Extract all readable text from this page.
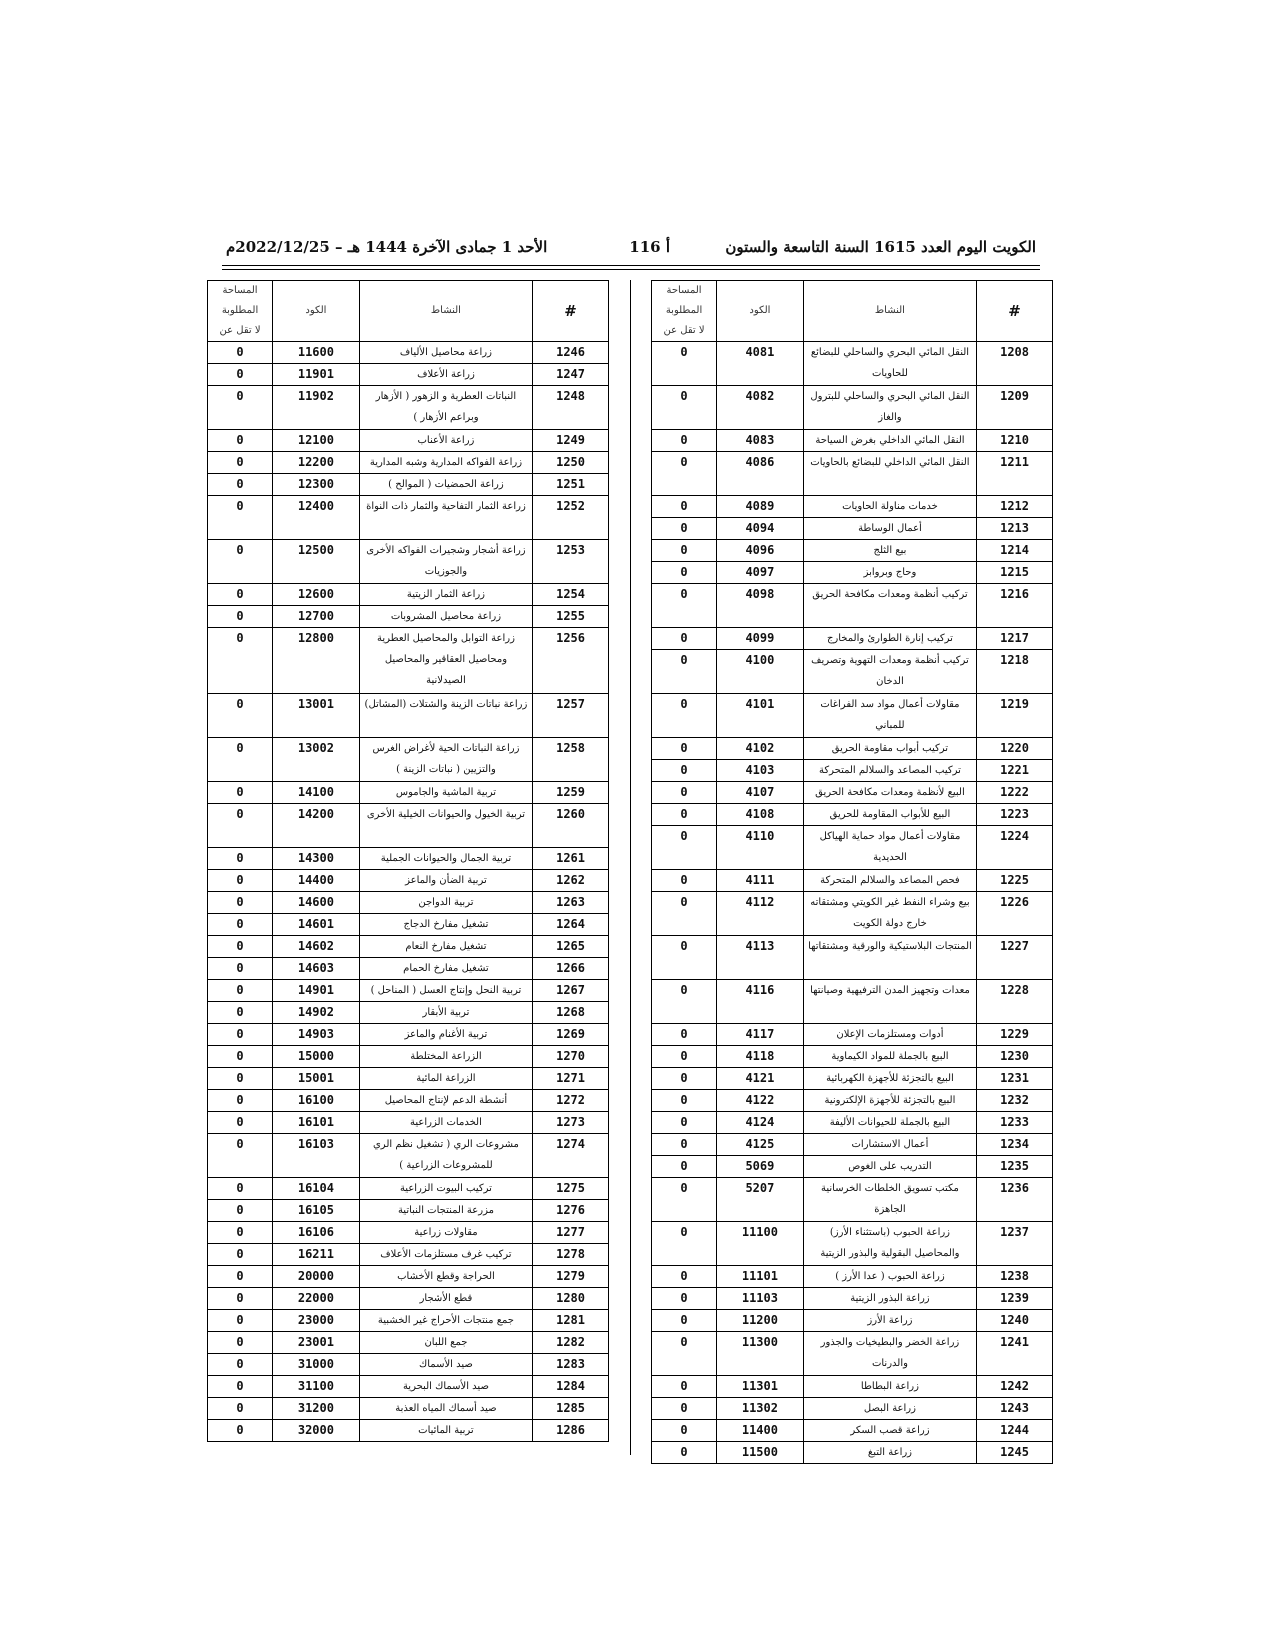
الكويت اليوم العدد 1615 السنة التاسعة والستون
أ 116
الأحد 1 جمادى الآخرة 1444 هـ – 2022/12/25م
#	النشاط	الكود	المساحة
المطلوبة
لا تقل عن

1208	النقل المائي البحري والساحلي للبضائع للحاويات	4081	0
1209	النقل المائي البحري والساحلي للبترول والغاز	4082	0
1210	النقل المائي الداخلي بغرض السياحة	4083	0
1211	النقل المائي الداخلي للبضائع بالحاويات	4086	0
1212	خدمات مناولة الحاويات	4089	0
1213	أعمال الوساطة	4094	0
1214	بيع الثلج	4096	0
1215	وحاج وبروابز	4097	0
1216	تركيب أنظمة ومعدات مكافحة الحريق	4098	0
1217	تركيب إنارة الطوارئ والمخارج	4099	0
1218	تركيب أنظمة ومعدات التهوية وتصريف الدخان	4100	0
1219	مقاولات أعمال مواد سد الفراغات للمباني	4101	0
1220	تركيب أبواب مقاومة الحريق	4102	0
1221	تركيب المصاعد والسلالم المتحركة	4103	0
1222	البيع لأنظمة ومعدات مكافحة الحريق	4107	0
1223	البيع للأبواب المقاومة للحريق	4108	0
1224	مقاولات أعمال مواد حماية الهياكل الحديدية	4110	0
1225	فحص المصاعد والسلالم المتحركة	4111	0
1226	بيع وشراء النفط غير الكويتي ومشتقاته خارج دولة الكويت	4112	0
1227	المنتجات البلاستيكية والورقية ومشتقاتها	4113	0
1228	معدات وتجهيز المدن الترفيهية وصيانتها	4116	0
1229	أدوات ومستلزمات الإعلان	4117	0
1230	البيع بالجملة للمواد الكيماوية	4118	0
1231	البيع بالتجزئة للأجهزة الكهربائية	4121	0
1232	البيع بالتجزئة للأجهزة الإلكترونية	4122	0
1233	البيع بالجملة للحيوانات الأليفة	4124	0
1234	أعمال الاستشارات	4125	0
1235	التدريب على الغوص	5069	0
1236	مكتب تسويق الخلطات الخرسانية الجاهزة	5207	0
1237	زراعة الحبوب (باستثناء الأرز) والمحاصيل البقولية والبذور الزيتية	11100	0
1238	زراعة الحبوب ( عدا الأرز )	11101	0
1239	زراعة البذور الزيتية	11103	0
1240	زراعة الأرز	11200	0
1241	زراعة الخضر والبطيخيات والجذور والدرنات	11300	0
1242	زراعة البطاطا	11301	0
1243	زراعة البصل	11302	0
1244	زراعة قصب السكر	11400	0
1245	زراعة التبغ	11500	0
#	النشاط	الكود	المساحة
المطلوبة
لا تقل عن

1246	زراعة محاصيل الألياف	11600	0
1247	زراعة الأعلاف	11901	0
1248	النباتات العطرية و الزهور ( الأزهار وبراعم الأزهار )	11902	0
1249	زراعة الأعناب	12100	0
1250	زراعة الفواكه المدارية وشبه المدارية	12200	0
1251	زراعة الحمضيات ( الموالح )	12300	0
1252	زراعة الثمار التفاحية والثمار ذات النواة	12400	0
1253	زراعة أشجار وشجيرات الفواكه الأخرى والجوزيات	12500	0
1254	زراعة الثمار الزيتية	12600	0
1255	زراعة محاصيل المشروبات	12700	0
1256	زراعة التوابل والمحاصيل العطرية ومحاصيل العقاقير والمحاصيل الصيدلانية	12800	0
1257	زراعة نباتات الزينة والشتلات (المشاتل)	13001	0
1258	زراعة النباتات الحية لأغراض الغرس والتزيين ( نباتات الزينة )	13002	0
1259	تربية الماشية والجاموس	14100	0
1260	تربية الخيول والحيوانات الخيلية الأخرى	14200	0
1261	تربية الجمال والحيوانات الجملية	14300	0
1262	تربية الضأن والماعز	14400	0
1263	تربية الدواجن	14600	0
1264	تشغيل مفارخ الدجاج	14601	0
1265	تشغيل مفارخ النعام	14602	0
1266	تشغيل مفارخ الحمام	14603	0
1267	تربية النحل وإنتاج العسل ( المناحل )	14901	0
1268	تربية الأبقار	14902	0
1269	تربية الأغنام والماعز	14903	0
1270	الزراعة المختلطة	15000	0
1271	الزراعة المائية	15001	0
1272	أنشطة الدعم لإنتاج المحاصيل	16100	0
1273	الخدمات الزراعية	16101	0
1274	مشروعات الري ( تشغيل نظم الري للمشروعات الزراعية )	16103	0
1275	تركيب البيوت الزراعية	16104	0
1276	مزرعة المنتجات النباتية	16105	0
1277	مقاولات زراعية	16106	0
1278	تركيب غرف مستلزمات الأعلاف	16211	0
1279	الحراجة وقطع الأخشاب	20000	0
1280	قطع الأشجار	22000	0
1281	جمع منتجات الأحراج غير الخشبية	23000	0
1282	جمع اللبان	23001	0
1283	صيد الأسماك	31000	0
1284	صيد الأسماك البحرية	31100	0
1285	صيد أسماك المياه العذبة	31200	0
1286	تربية المائيات	32000	0
